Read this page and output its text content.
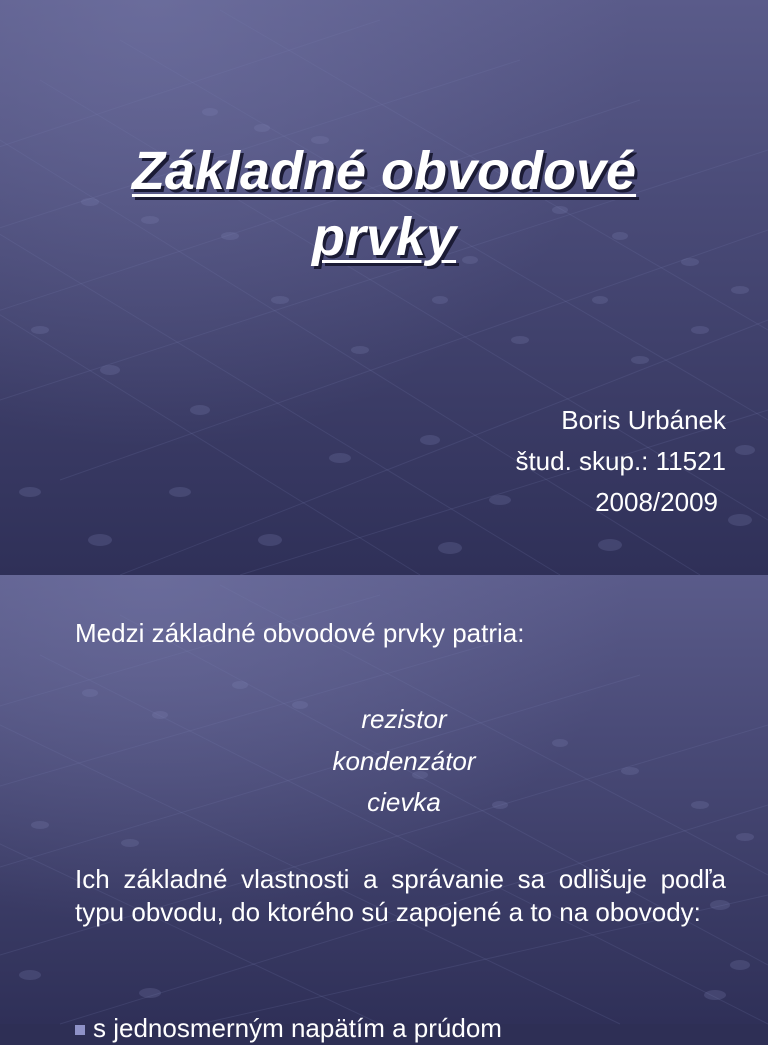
Základné obvodové
prvky
Boris Urbánek
štud. skup.: 11521
2008/2009
Medzi základné obvodové prvky patria:
rezistor
kondenzátor
cievka
Ich základné vlastnosti a správanie sa odlišuje podľa typu obvodu, do ktorého sú zapojené a to na obovody:
s jednosmerným napätím a prúdom
